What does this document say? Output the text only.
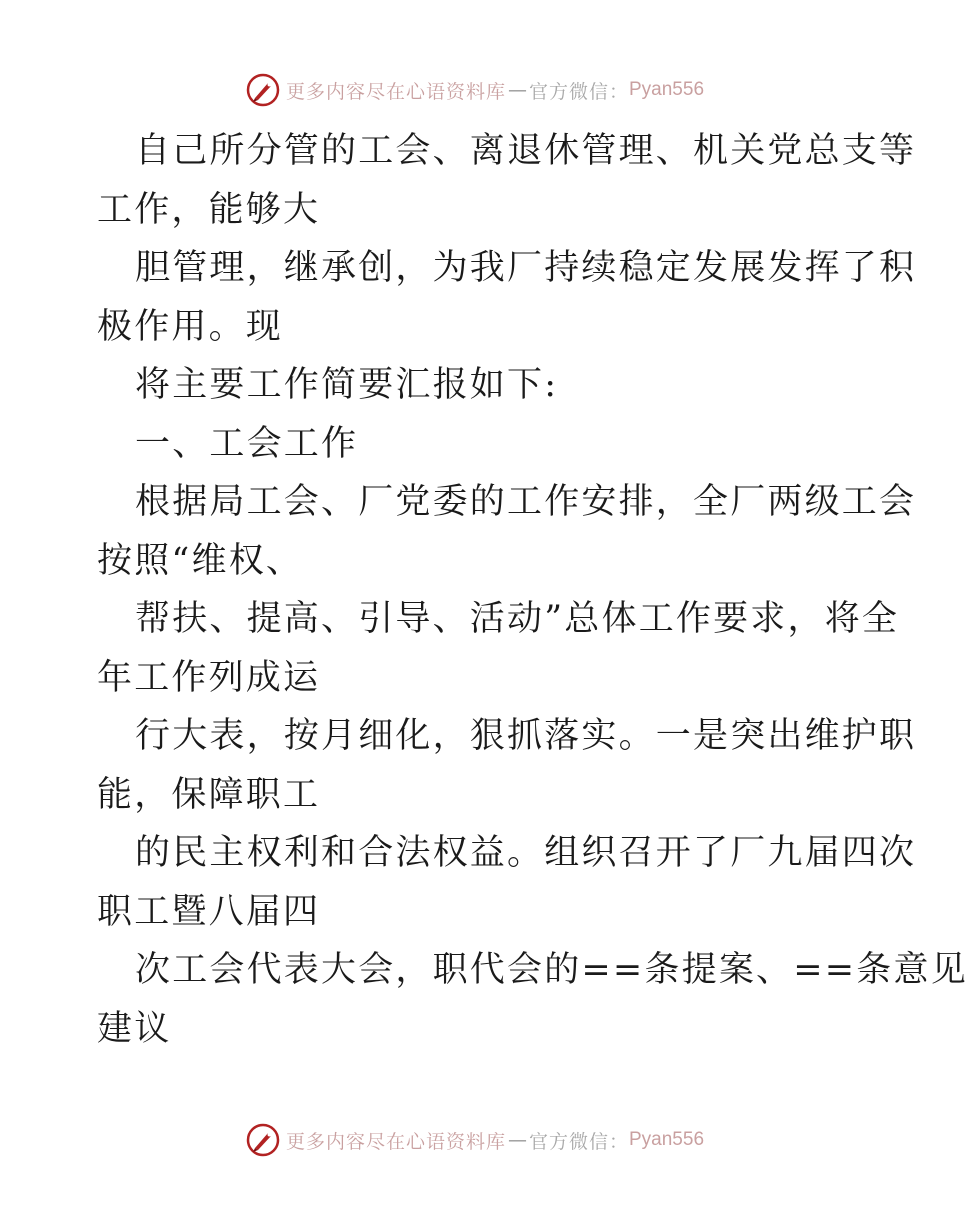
更多内容尽在心语资料库 — 官方微信： Pyan556
自己所分管的工会、离退休管理、机关党总支等
工作，能够大
胆管理，继承创，为我厂持续稳定发展发挥了积
极作用。现
将主要工作简要汇报如下:
一、工会工作
根据局工会、厂党委的工作安排，全厂两级工会
按照“维权、
帮扶、提高、引导、活动”总体工作要求，将全
年工作列成运
行大表，按月细化，狠抓落实。一是突出维护职
能，保障职工
的民主权利和合法权益。组织召开了厂九届四次
职工暨八届四
次工会代表大会，职代会的==条提案、==条意见
建议
更多内容尽在心语资料库 — 官方微信： Pyan556
